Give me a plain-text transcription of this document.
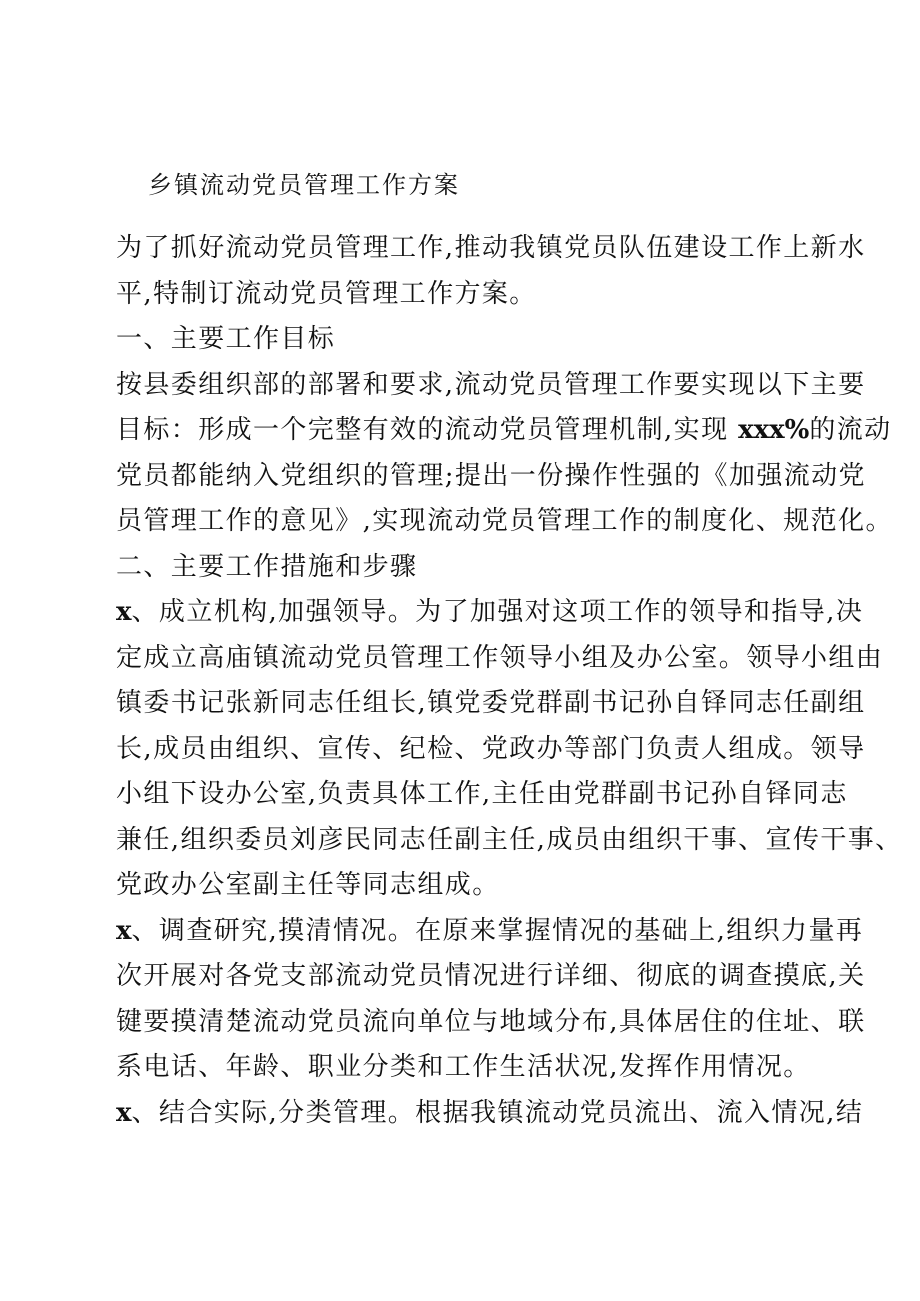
乡镇流动党员管理工作方案
为了抓好流动党员管理工作,推动我镇党员队伍建设工作上新水
平,特制订流动党员管理工作方案。
一、主要工作目标
按县委组织部的部署和要求,流动党员管理工作要实现以下主要
目标：形成一个完整有效的流动党员管理机制,实现 xxx%的流动
党员都能纳入党组织的管理;提出一份操作性强的《加强流动党
员管理工作的意见》,实现流动党员管理工作的制度化、规范化。
二、主要工作措施和步骤
x、成立机构,加强领导。为了加强对这项工作的领导和指导,决
定成立高庙镇流动党员管理工作领导小组及办公室。领导小组由
镇委书记张新同志任组长,镇党委党群副书记孙自铎同志任副组
长,成员由组织、宣传、纪检、党政办等部门负责人组成。领导
小组下设办公室,负责具体工作,主任由党群副书记孙自铎同志
兼任,组织委员刘彦民同志任副主任,成员由组织干事、宣传干事、
党政办公室副主任等同志组成。
x、调查研究,摸清情况。在原来掌握情况的基础上,组织力量再
次开展对各党支部流动党员情况进行详细、彻底的调查摸底,关
键要摸清楚流动党员流向单位与地域分布,具体居住的住址、联
系电话、年龄、职业分类和工作生活状况,发挥作用情况。
x、结合实际,分类管理。根据我镇流动党员流出、流入情况,结
